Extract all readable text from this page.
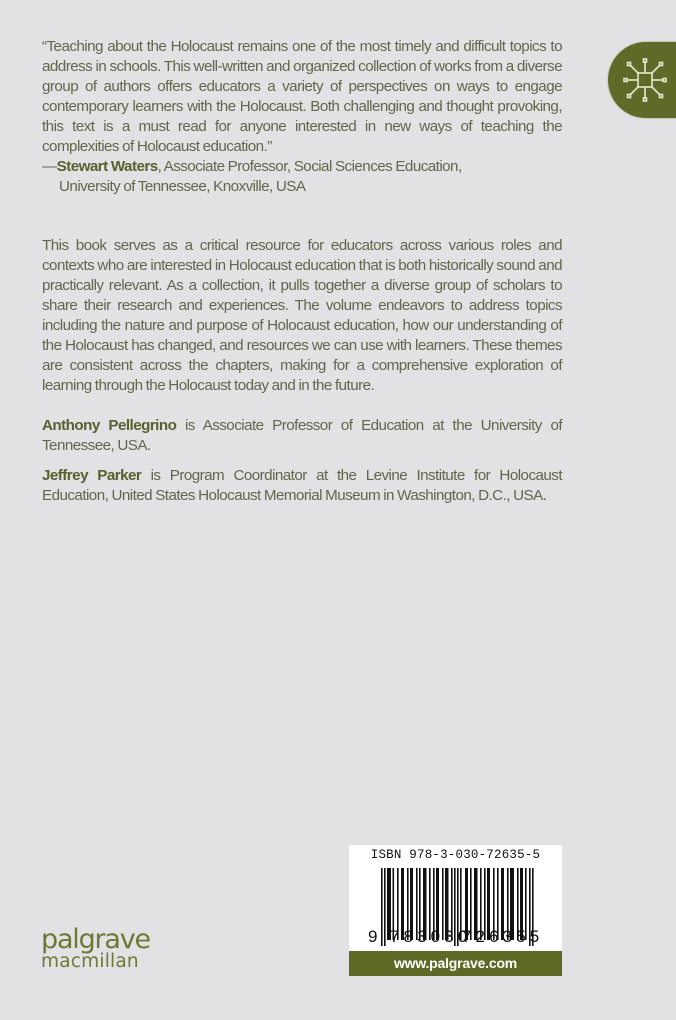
“Teaching about the Holocaust remains one of the most timely and difficult topics to address in schools. This well-written and organized collection of works from a diverse group of authors offers educators a variety of perspectives on ways to engage contemporary learners with the Holocaust. Both challenging and thought provoking, this text is a must read for anyone interested in new ways of teaching the complexities of Holocaust education.”

—Stewart Waters, Associate Professor, Social Sciences Education,
University of Tennessee, Knoxville, USA

This book serves as a critical resource for educators across various roles and contexts who are interested in Holocaust education that is both historically sound and practically relevant. As a collection, it pulls together a diverse group of scholars to share their research and experiences. The volume endeavors to address topics including the nature and purpose of Holocaust education, how our understanding of the Holocaust has changed, and resources we can use with learners. These themes are consistent across the chapters, making for a comprehensive exploration of learning through the Holocaust today and in the future.

Anthony Pellegrino is Associate Professor of Education at the University of Tennessee, USA.

Jeffrey Parker is Program Coordinator at the Levine Institute for Holocaust Education, United States Holocaust Memorial Museum in Washington, D.C., USA.

ISBN 978-3-030-72635-5
9 783030
726355
www.palgrave.com
palgrave
macmillan
